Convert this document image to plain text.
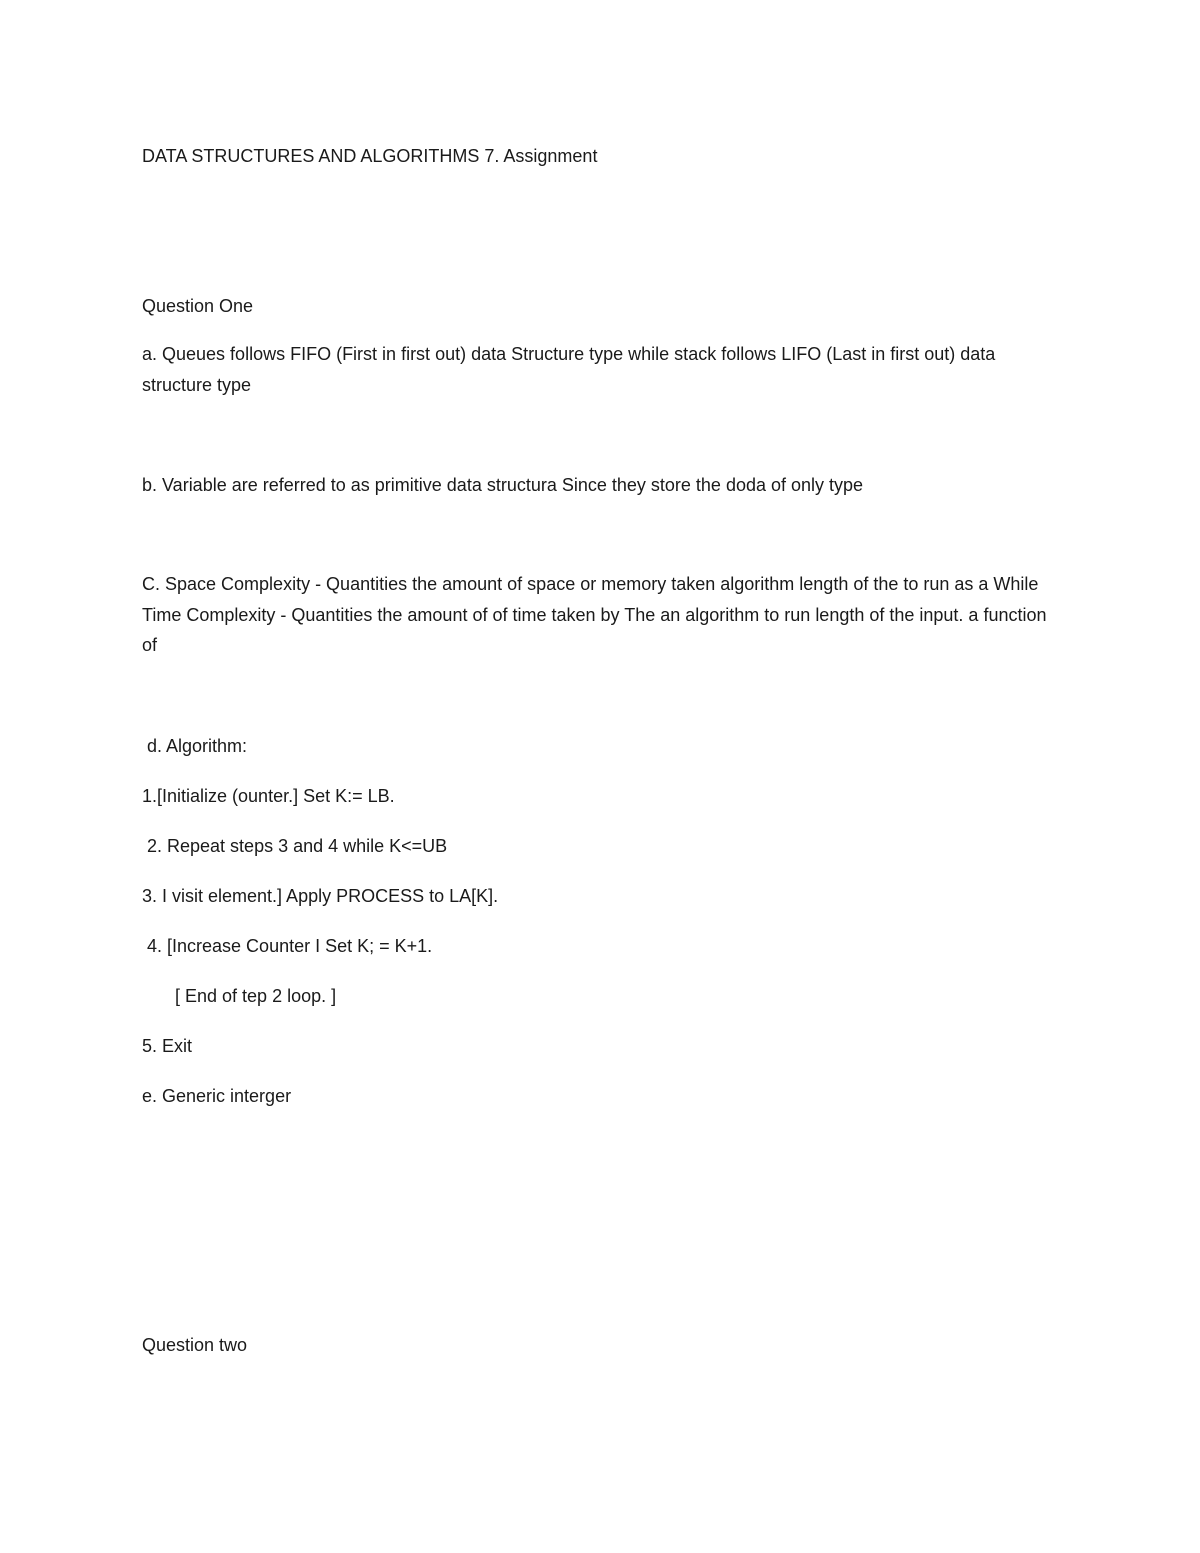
DATA STRUCTURES AND ALGORITHMS 7. Assignment
Question One
a. Queues follows FIFO (First in first out) data Structure type while stack follows LIFO (Last in first out) data structure type
b. Variable are referred to as primitive data structura Since they store the doda of only type
C. Space Complexity - Quantities the amount of space or memory taken algorithm length of the to run as a While Time Complexity - Quantities the amount of of time taken by The an algorithm to run length of the input. a function of
d. Algorithm:
1.[Initialize (ounter.] Set K:= LB.
2. Repeat steps 3 and 4 while K<=UB
3. I visit element.] Apply PROCESS to LA[K].
4. [Increase Counter I Set K; = K+1.
[ End of tep 2 loop. ]
5. Exit
e. Generic interger
Question two
